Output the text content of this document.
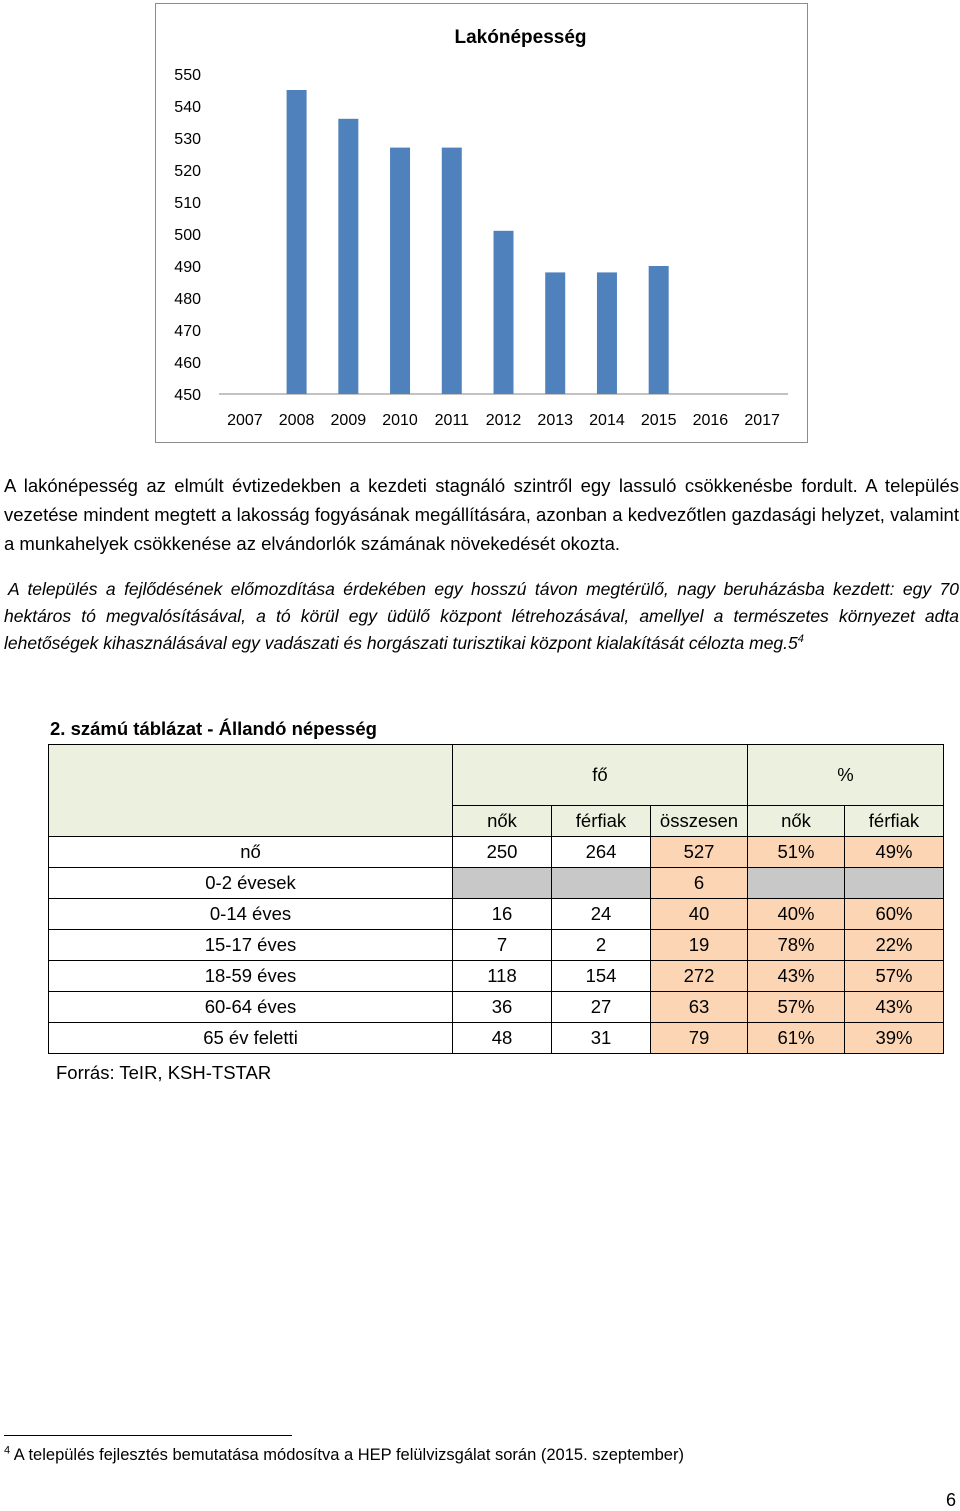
Lakónépesség
450
460
470
480
490
500
510
520
530
540
550
2007 2008 2009 2010 2011 2012 2013 2014 2015 2016 2017

A lakónépesség az elmúlt évtizedekben a kezdeti stagnáló szintről egy lassuló csökkenésbe fordult. A település vezetése mindent megtett a lakosság fogyásának megállítására, azonban a kedvezőtlen gazdasági helyzet, valamint a munkahelyek csökkenése az elvándorlók számának növekedését okozta.

A település a fejlődésének előmozdítása érdekében egy hosszú távon megtérülő, nagy beruházásba kezdett: egy 70 hektáros tó megvalósításával, a tó körül egy üdülő központ létrehozásával, amellyel a természetes környezet adta lehetőségek kihasználásával egy vadászati és horgászati turisztikai központ kialakítását célozta $meg.5^4$

2. számú táblázat - Állandó népesség
	fő			%	
	nők	férfiak	összesen	nők	férfiak
nő	250	264	527	51%	49%
0-2 évesek			6		
0-14 éves	16	24	40	40%	60%
15-17 éves	7	2	19	78%	22%
18-59 éves	118	154	272	43%	57%
60-64 éves	36	27	63	57%	43%
65 év feletti	48	31	79	61%	39%
Forrás: TeIR, KSH-TSTAR
$^4$ A település fejlesztés bemutatása módosítva a HEP felülvizsgálat során (2015. szeptember)
6
